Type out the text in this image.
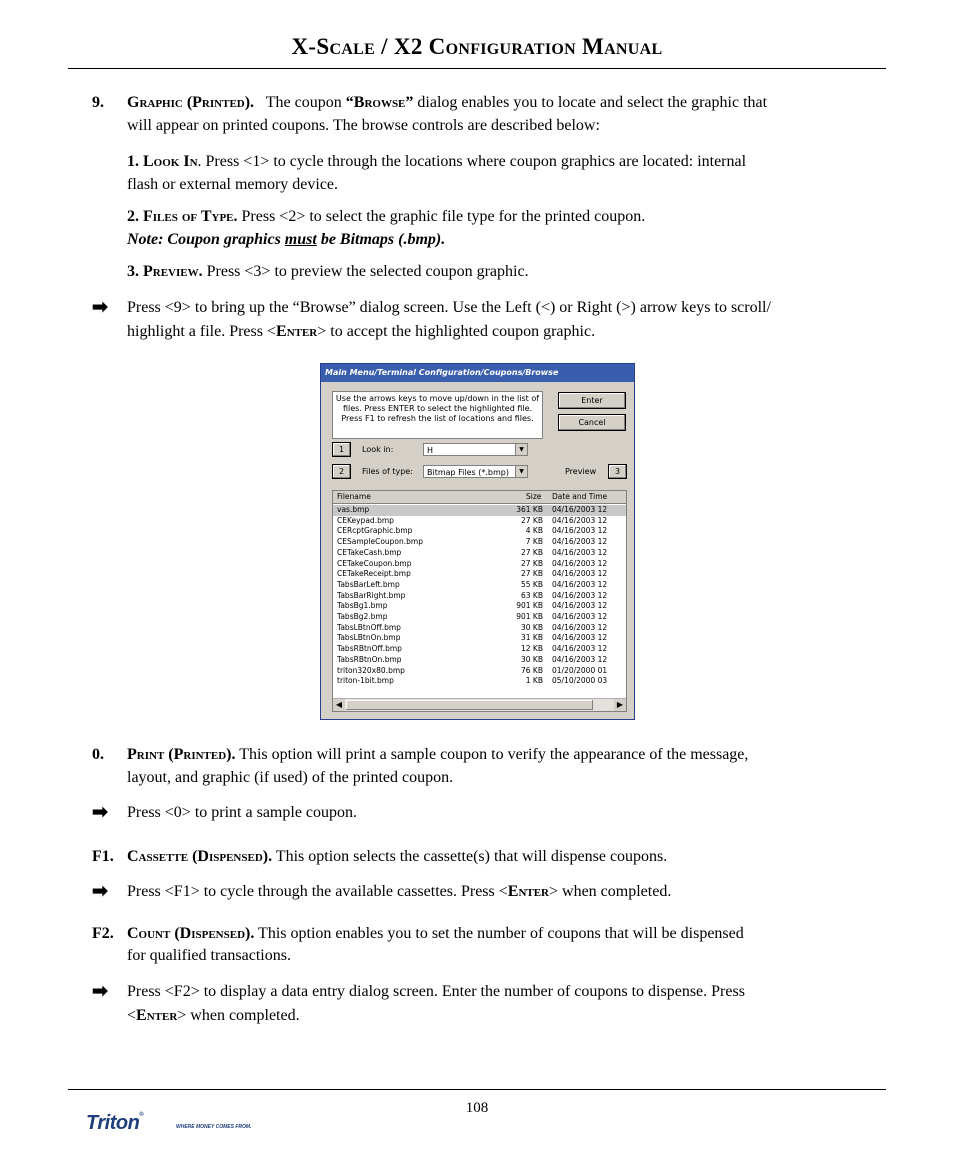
X-Scale / X2 Configuration Manual
9. Graphic (Printed). The coupon “Browse” dialog enables you to locate and select the graphic that
will appear on printed coupons. The browse controls are described below:
1. Look In. Press <1> to cycle through the locations where coupon graphics are located: internal
flash or external memory device.
2. Files of Type. Press <2> to select the graphic file type for the printed coupon.
Note: Coupon graphics must be Bitmaps (.bmp).
3. Preview. Press <3> to preview the selected coupon graphic.
➡ Press <9> to bring up the “Browse” dialog screen. Use the Left (<) or Right (>) arrow keys to scroll/
highlight a file. Press <Enter> to accept the highlighted coupon graphic.
Main Menu/Terminal Configuration/Coupons/Browse
Use the arrows keys to move up/down in the list of files. Press ENTER to select the highlighted file. Press F1 to refresh the list of locations and files.
Enter
Cancel
1	Look in:	H	▼
2	Files of type:	Bitmap Files (*.bmp)	▼	Preview	3
Filename	Size Date and Time
vas.bmp	361 KB 04/16/2003 12
CEKeypad.bmp	27 KB 04/16/2003 12
CERcptGraphic.bmp	4 KB 04/16/2003 12
CESampleCoupon.bmp	7 KB 04/16/2003 12
CETakeCash.bmp	27 KB 04/16/2003 12
CETakeCoupon.bmp	27 KB 04/16/2003 12
CETakeReceipt.bmp	27 KB 04/16/2003 12
TabsBarLeft.bmp	55 KB 04/16/2003 12
TabsBarRight.bmp	63 KB 04/16/2003 12
TabsBg1.bmp	901 KB 04/16/2003 12
TabsBg2.bmp	901 KB 04/16/2003 12
TabsLBtnOff.bmp	30 KB 04/16/2003 12
TabsLBtnOn.bmp	31 KB 04/16/2003 12
TabsRBtnOff.bmp	12 KB 04/16/2003 12
TabsRBtnOn.bmp	30 KB 04/16/2003 12
triton320x80.bmp	76 KB 01/20/2000 01
triton-1bit.bmp	1 KB 05/10/2000 03
◀	▶
0. Print (Printed). This option will print a sample coupon to verify the appearance of the message,
layout, and graphic (if used) of the printed coupon.
➡ Press <0> to print a sample coupon.
F1. Cassette (Dispensed). This option selects the cassette(s) that will dispense coupons.
➡ Press <F1> to cycle through the available cassettes. Press <Enter> when completed.
F2. Count (Dispensed). This option enables you to set the number of coupons that will be dispensed
for qualified transactions.
➡ Press <F2> to display a data entry dialog screen. Enter the number of coupons to dispense. Press
<Enter> when completed.
108
Triton®
WHERE MONEY COMES FROM.
